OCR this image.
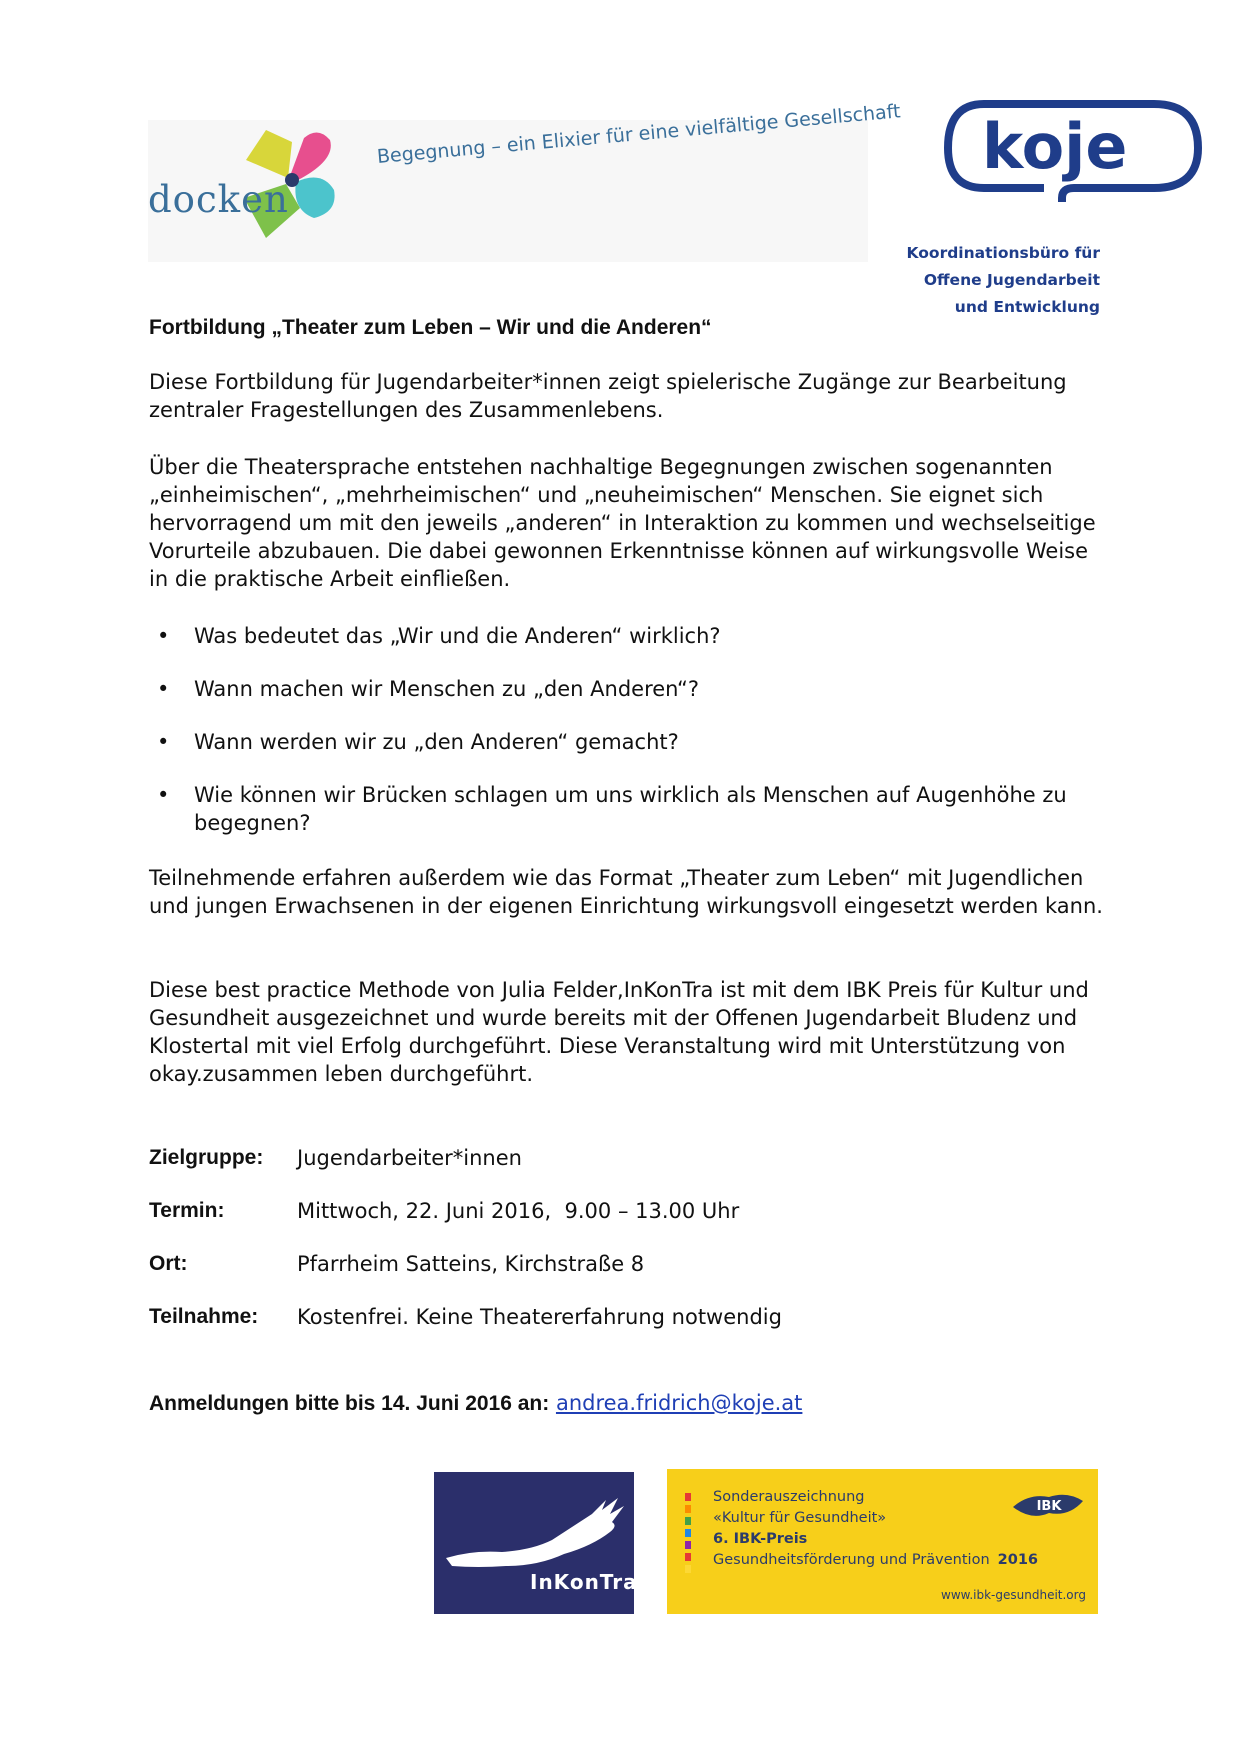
docken
Begegnung – ein Elixier für eine vielfältige Gesellschaft koje
Koordinationsbüro für
Offene Jugendarbeit
und Entwicklung
Fortbildung „Theater zum Leben – Wir und die Anderen“

Diese Fortbildung für Jugendarbeiter*innen zeigt spielerische Zugänge zur Bearbeitung zentraler Fragestellungen des Zusammenlebens.

Über die Theatersprache entstehen nachhaltige Begegnungen zwischen sogenannten „einheimischen“, „mehrheimischen“ und „neuheimischen“ Menschen. Sie eignet sich hervorragend um mit den jeweils „anderen“ in Interaktion zu kommen und wechselseitige Vorurteile abzubauen. Die dabei gewonnen Erkenntnisse können auf wirkungsvolle Weise in die praktische Arbeit einfließen.

• Was bedeutet das „Wir und die Anderen“ wirklich?
• Wann machen wir Menschen zu „den Anderen“?
• Wann werden wir zu „den Anderen“ gemacht?
• Wie können wir Brücken schlagen um uns wirklich als Menschen auf Augenhöhe zu begegnen?

Teilnehmende erfahren außerdem wie das Format „Theater zum Leben“ mit Jugendlichen und jungen Erwachsenen in der eigenen Einrichtung wirkungsvoll eingesetzt werden kann.

Diese best practice Methode von Julia Felder,InKonTra ist mit dem IBK Preis für Kultur und Gesundheit ausgezeichnet und wurde bereits mit der Offenen Jugendarbeit Bludenz und Klostertal mit viel Erfolg durchgeführt. Diese Veranstaltung wird mit Unterstützung von okay.zusammen leben durchgeführt.

Zielgruppe: Jugendarbeiter*innen
Termin:	Mittwoch, 22. Juni 2016,  9.00 – 13.00 Uhr
Ort:	Pfarrheim Satteins, Kirchstraße 8
Teilnahme: Kostenfrei. Keine Theatererfahrung notwendig
Anmeldungen bitte bis 14. Juni 2016 an: andrea.fridrich@koje.at
InKonTra
Sonderauszeichnung
«Kultur für Gesundheit»
6. IBK-Preis
Gesundheitsförderung und Prävention 2016
IBK
www.ibk-gesundheit.org
